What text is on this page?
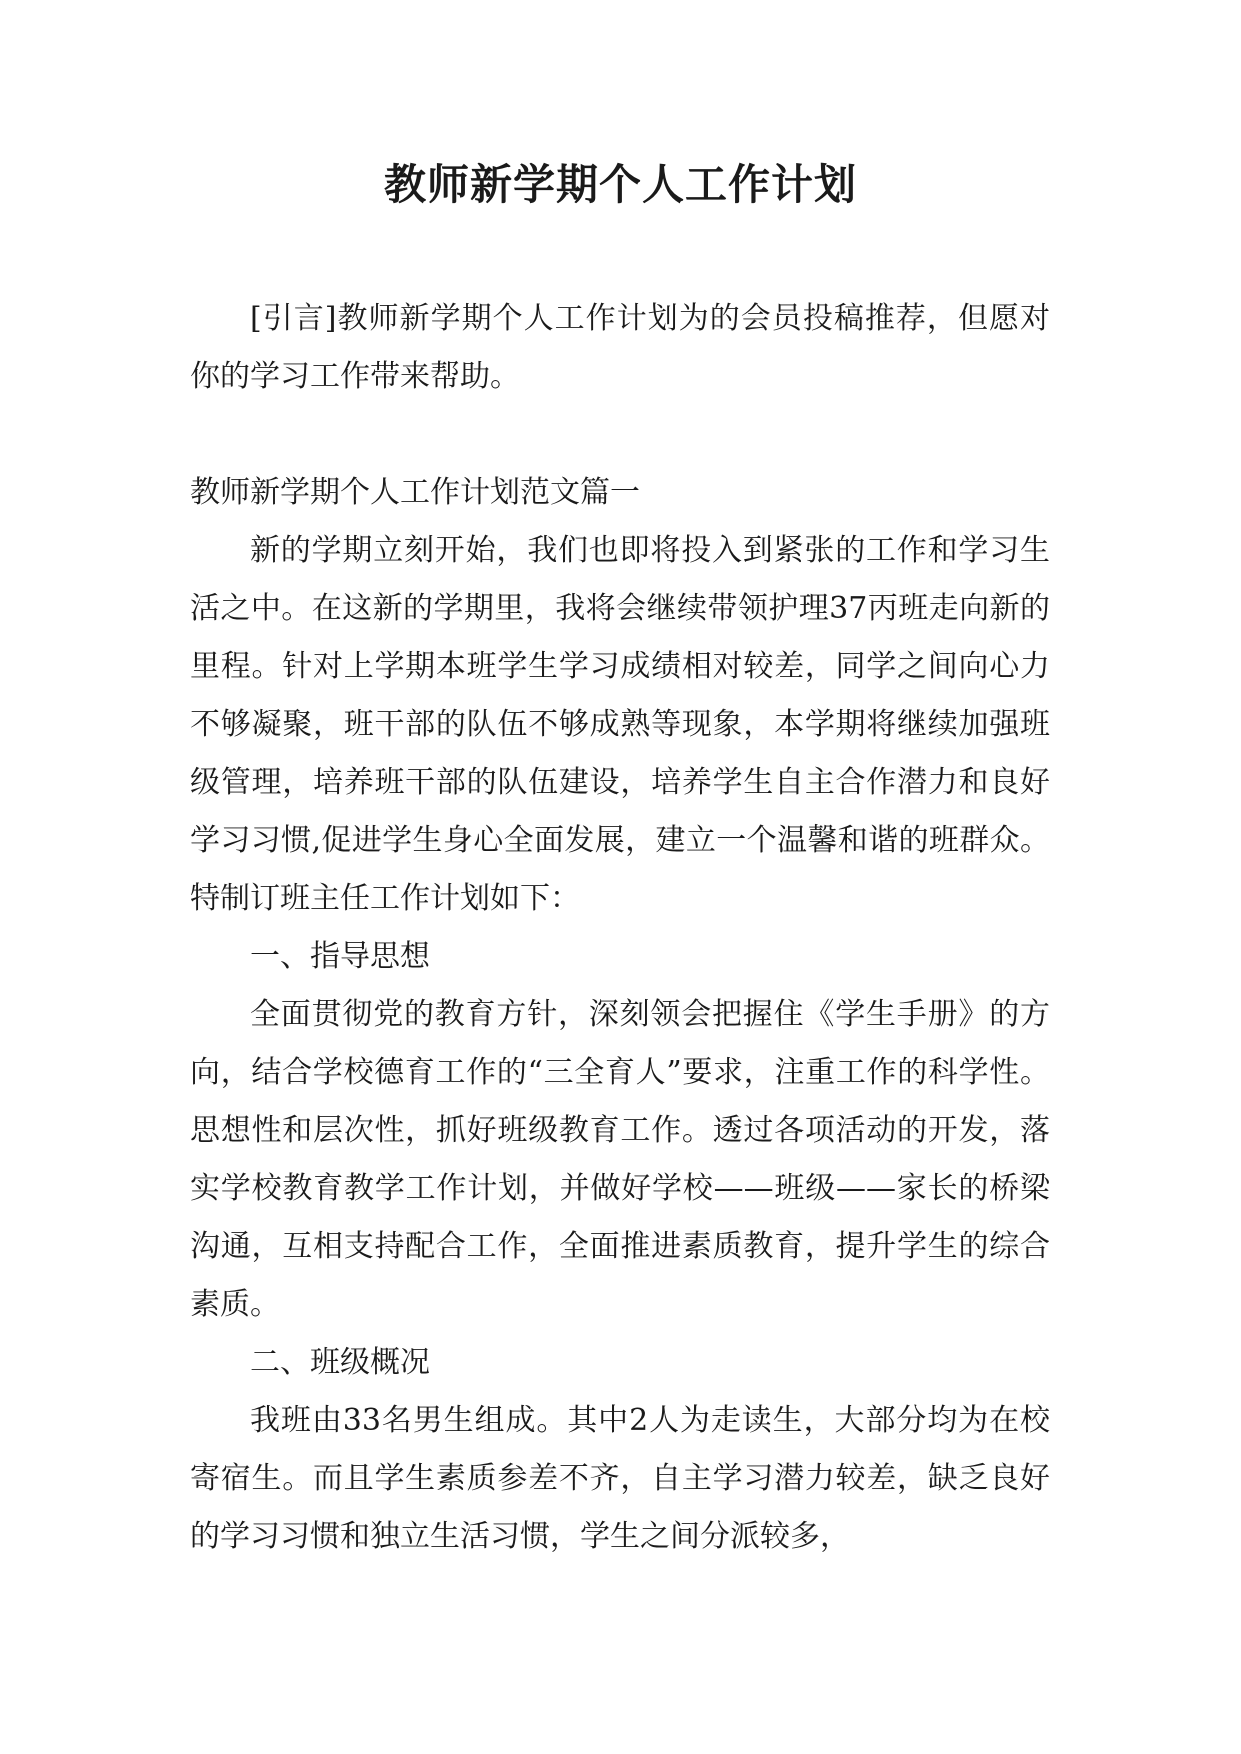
教师新学期个人工作计划

[引言]教师新学期个人工作计划为的会员投稿推荐，但愿对你的学习工作带来帮助。

教师新学期个人工作计划范文篇一

新的学期立刻开始，我们也即将投入到紧张的工作和学习生活之中。在这新的学期里，我将会继续带领护理37丙班走向新的里程。针对上学期本班学生学习成绩相对较差，同学之间向心力不够凝聚，班干部的队伍不够成熟等现象，本学期将继续加强班级管理，培养班干部的队伍建设，培养学生自主合作潜力和良好学习习惯,促进学生身心全面发展，建立一个温馨和谐的班群众。特制订班主任工作计划如下：

一、指导思想

全面贯彻党的教育方针，深刻领会把握住《学生手册》的方向，结合学校德育工作的“三全育人”要求，注重工作的科学性。思想性和层次性，抓好班级教育工作。透过各项活动的开发，落实学校教育教学工作计划，并做好学校——班级——家长的桥梁沟通，互相支持配合工作，全面推进素质教育，提升学生的综合素质。

二、班级概况

我班由33名男生组成。其中2人为走读生，大部分均为在校寄宿生。而且学生素质参差不齐，自主学习潜力较差，缺乏良好的学习习惯和独立生活习惯，学生之间分派较多，
